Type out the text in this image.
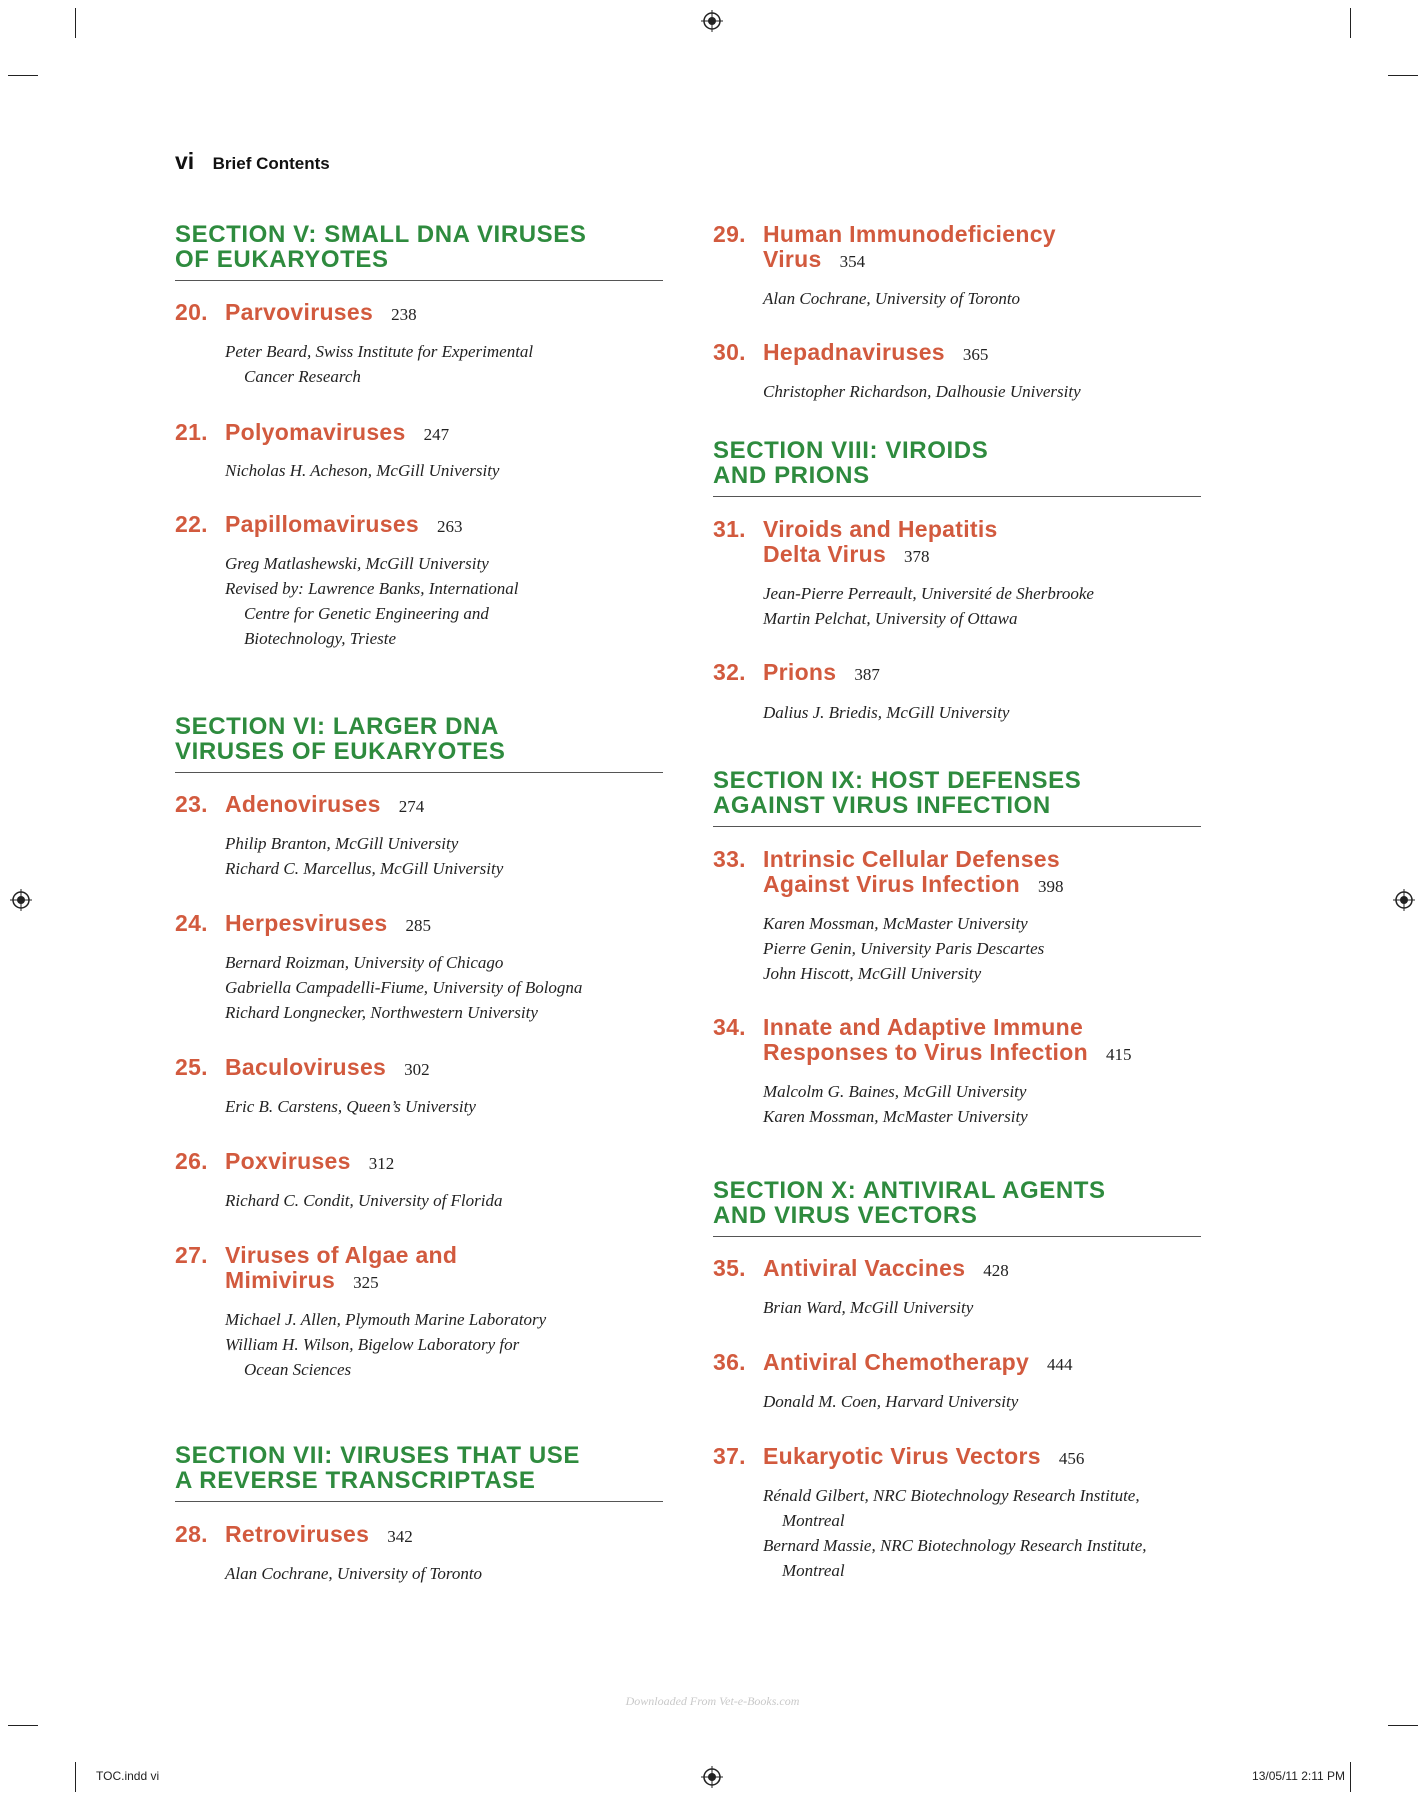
vi Brief Contents
SECTION V: SMALL DNA VIRUSES
OF EUKARYOTES
20. Parvoviruses 238
Peter Beard, Swiss Institute for Experimental
Cancer Research
21. Polyomaviruses 247
Nicholas H. Acheson, McGill University
22. Papillomaviruses 263
Greg Matlashewski, McGill University
Revised by: Lawrence Banks, International
Centre for Genetic Engineering and
Biotechnology, Trieste
SECTION VI: LARGER DNA
VIRUSES OF EUKARYOTES
23. Adenoviruses 274
Philip Branton, McGill University
Richard C. Marcellus, McGill University
24. Herpesviruses 285
Bernard Roizman, University of Chicago
Gabriella Campadelli-Fiume, University of Bologna
Richard Longnecker, Northwestern University
25. Baculoviruses 302
Eric B. Carstens, Queen’s University
26. Poxviruses 312
Richard C. Condit, University of Florida
27. Viruses of Algae and
Mimivirus 325
Michael J. Allen, Plymouth Marine Laboratory
William H. Wilson, Bigelow Laboratory for
Ocean Sciences
SECTION VII: VIRUSES THAT USE
A REVERSE TRANSCRIPTASE
28. Retroviruses 342
Alan Cochrane, University of Toronto
29. Human Immunodeficiency
Virus 354
Alan Cochrane, University of Toronto
30. Hepadnaviruses 365
Christopher Richardson, Dalhousie University
SECTION VIII: VIROIDS
AND PRIONS
31. Viroids and Hepatitis
Delta Virus 378
Jean-Pierre Perreault, Université de Sherbrooke
Martin Pelchat, University of Ottawa
32. Prions 387
Dalius J. Briedis, McGill University
SECTION IX: HOST DEFENSES
AGAINST VIRUS INFECTION
33. Intrinsic Cellular Defenses
Against Virus Infection 398
Karen Mossman, McMaster University
Pierre Genin, University Paris Descartes
John Hiscott, McGill University
34. Innate and Adaptive Immune
Responses to Virus Infection 415
Malcolm G. Baines, McGill University
Karen Mossman, McMaster University
SECTION X: ANTIVIRAL AGENTS
AND VIRUS VECTORS
35. Antiviral Vaccines 428
Brian Ward, McGill University
36. Antiviral Chemotherapy 444
Donald M. Coen, Harvard University
37. Eukaryotic Virus Vectors 456
Rénald Gilbert, NRC Biotechnology Research Institute,
Montreal
Bernard Massie, NRC Biotechnology Research Institute,
Montreal
Downloaded From Vet-e-Books.com
TOC.indd vi	13/05/11 2:11 PM
